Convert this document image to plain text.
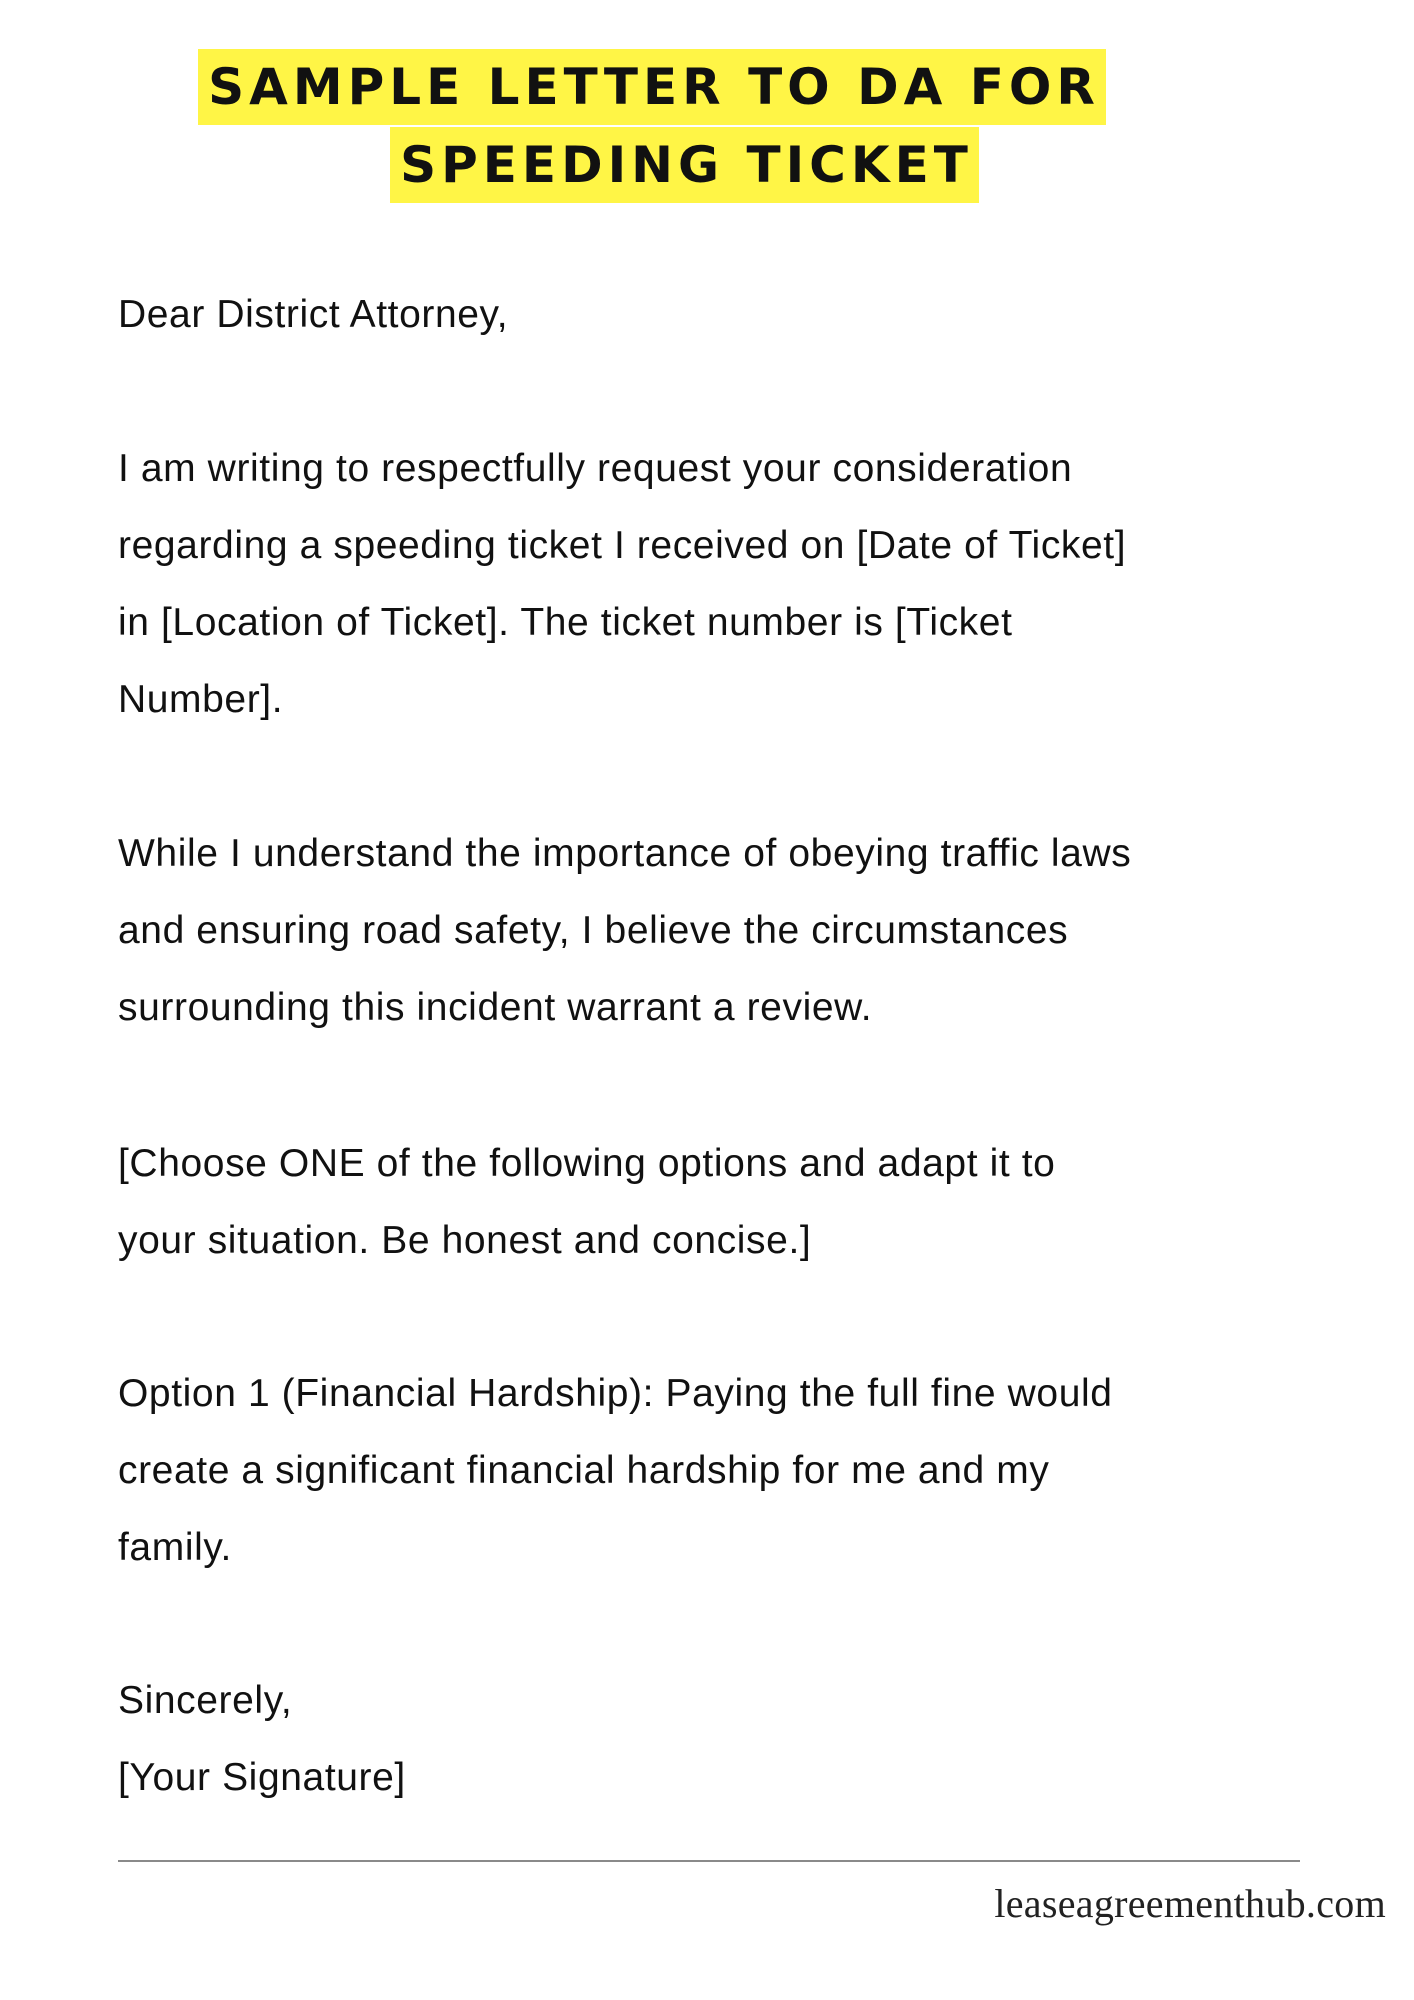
SAMPLE LETTER TO DA FOR
SPEEDING TICKET

Dear District Attorney,

I am writing to respectfully request your consideration
regarding a speeding ticket I received on [Date of Ticket]
in [Location of Ticket]. The ticket number is [Ticket
Number].

While I understand the importance of obeying traffic laws
and ensuring road safety, I believe the circumstances
surrounding this incident warrant a review.

[Choose ONE of the following options and adapt it to
your situation. Be honest and concise.]

Option 1 (Financial Hardship): Paying the full fine would
create a significant financial hardship for me and my
family.

Sincerely,

[Your Signature]

leaseagreementhub.com
